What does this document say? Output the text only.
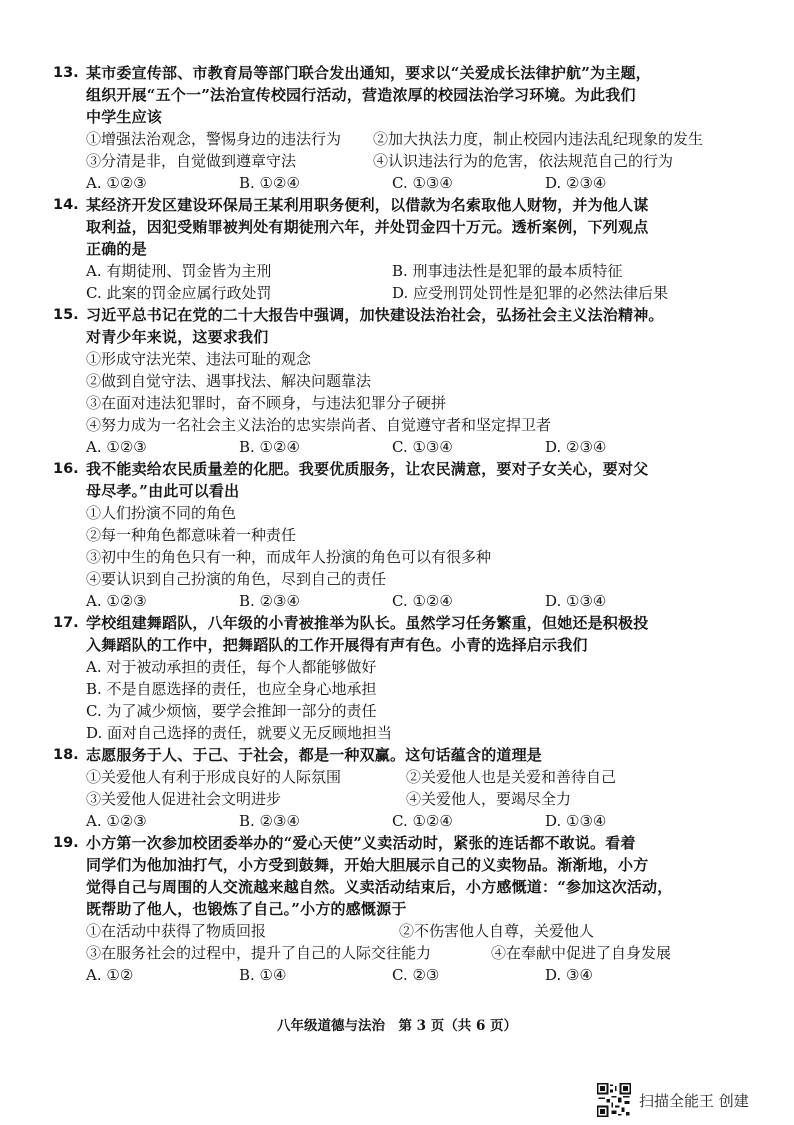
13. 某市委宣传部、市教育局等部门联合发出通知，要求以“关爱成长法律护航”为主题，
组织开展“五个一”法治宣传校园行活动，营造浓厚的校园法治学习环境。为此我们
中学生应该
①增强法治观念，警惕身边的违法行为	②加大执法力度，制止校园内违法乱纪现象的发生
③分清是非，自觉做到遵章守法	④认识违法行为的危害，依法规范自己的行为
A. ①②③	B. ①②④	C. ①③④	D. ②③④
14. 某经济开发区建设环保局王某利用职务便利，以借款为名索取他人财物，并为他人谋
取利益，因犯受贿罪被判处有期徒刑六年，并处罚金四十万元。透析案例，下列观点
正确的是
A. 有期徒刑、罚金皆为主刑	B. 刑事违法性是犯罪的最本质特征
C. 此案的罚金应属行政处罚	D. 应受刑罚处罚性是犯罪的必然法律后果
15. 习近平总书记在党的二十大报告中强调，加快建设法治社会，弘扬社会主义法治精神。
对青少年来说，这要求我们
①形成守法光荣、违法可耻的观念
②做到自觉守法、遇事找法、解决问题靠法
③在面对违法犯罪时，奋不顾身，与违法犯罪分子硬拼
④努力成为一名社会主义法治的忠实崇尚者、自觉遵守者和坚定捍卫者
A. ①②③	B. ①②④	C. ①③④	D. ②③④
16. 我不能卖给农民质量差的化肥。我要优质服务，让农民满意，要对子女关心，要对父
母尽孝。”由此可以看出
①人们扮演不同的角色
②每一种角色都意味着一种责任
③初中生的角色只有一种，而成年人扮演的角色可以有很多种
④要认识到自己扮演的角色，尽到自己的责任
A. ①②③	B. ②③④	C. ①②④	D. ①③④
17. 学校组建舞蹈队，八年级的小青被推举为队长。虽然学习任务繁重，但她还是积极投
入舞蹈队的工作中，把舞蹈队的工作开展得有声有色。小青的选择启示我们
A. 对于被动承担的责任，每个人都能够做好
B. 不是自愿选择的责任，也应全身心地承担
C. 为了减少烦恼，要学会推卸一部分的责任
D. 面对自己选择的责任，就要义无反顾地担当
18. 志愿服务于人、于己、于社会，都是一种双赢。这句话蕴含的道理是
①关爱他人有利于形成良好的人际氛围	②关爱他人也是关爱和善待自己
③关爱他人促进社会文明进步	④关爱他人，要竭尽全力
A. ①②③	B. ②③④	C. ①②④	D. ①③④
19. 小方第一次参加校团委举办的“爱心天使”义卖活动时，紧张的连话都不敢说。看着
同学们为他加油打气，小方受到鼓舞，开始大胆展示自己的义卖物品。渐渐地，小方
觉得自己与周围的人交流越来越自然。义卖活动结束后，小方感慨道：“参加这次活动，
既帮助了他人，也锻炼了自己。”小方的感慨源于
①在活动中获得了物质回报	②不伤害他人自尊，关爱他人
③在服务社会的过程中，提升了自己的人际交往能力	④在奉献中促进了自身发展
A. ①②	B. ①④	C. ②③	D. ③④
八年级道德与法治　第 3 页（共 6 页）
扫描全能王 创建
